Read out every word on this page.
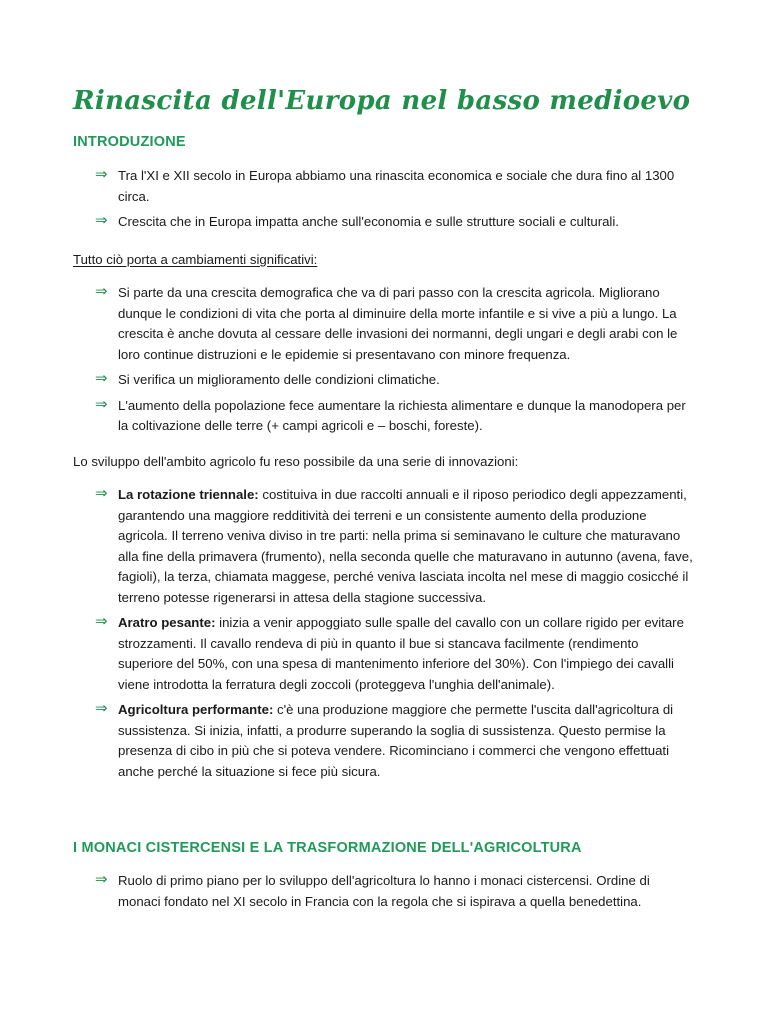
Rinascita dell'Europa nel basso medioevo
INTRODUZIONE
⇒ Tra l'XI e XII secolo in Europa abbiamo una rinascita economica e sociale che dura fino al 1300 circa.
⇒ Crescita che in Europa impatta anche sull'economia e sulle strutture sociali e culturali.

Tutto ciò porta a cambiamenti significativi:

⇒ Si parte da una crescita demografica che va di pari passo con la crescita agricola. Migliorano dunque le condizioni di vita che porta al diminuire della morte infantile e si vive a più a lungo. La crescita è anche dovuta al cessare delle invasioni dei normanni, degli ungari e degli arabi con le loro continue distruzioni e le epidemie si presentavano con minore frequenza.
⇒ Si verifica un miglioramento delle condizioni climatiche.
⇒ L'aumento della popolazione fece aumentare la richiesta alimentare e dunque la manodopera per la coltivazione delle terre (+ campi agricoli e – boschi, foreste).

Lo sviluppo dell'ambito agricolo fu reso possibile da una serie di innovazioni:

⇒ La rotazione triennale: costituiva in due raccolti annuali e il riposo periodico degli appezzamenti, garantendo una maggiore redditività dei terreni e un consistente aumento della produzione agricola. Il terreno veniva diviso in tre parti: nella prima si seminavano le culture che maturavano alla fine della primavera (frumento), nella seconda quelle che maturavano in autunno (avena, fave, fagioli), la terza, chiamata maggese, perché veniva lasciata incolta nel mese di maggio cosicché il terreno potesse rigenerarsi in attesa della stagione successiva.
⇒ Aratro pesante: inizia a venir appoggiato sulle spalle del cavallo con un collare rigido per evitare strozzamenti. Il cavallo rendeva di più in quanto il bue si stancava facilmente (rendimento superiore del 50%, con una spesa di mantenimento inferiore del 30%). Con l'impiego dei cavalli viene introdotta la ferratura degli zoccoli (proteggeva l'unghia dell'animale).
⇒ Agricoltura performante: c'è una produzione maggiore che permette l'uscita dall'agricoltura di sussistenza. Si inizia, infatti, a produrre superando la soglia di sussistenza. Questo permise la presenza di cibo in più che si poteva vendere. Ricominciano i commerci che vengono effettuati anche perché la situazione si fece più sicura.
I MONACI CISTERCENSI E LA TRASFORMAZIONE DELL'AGRICOLTURA
⇒ Ruolo di primo piano per lo sviluppo dell'agricoltura lo hanno i monaci cistercensi. Ordine di monaci fondato nel XI secolo in Francia con la regola che si ispirava a quella benedettina.
